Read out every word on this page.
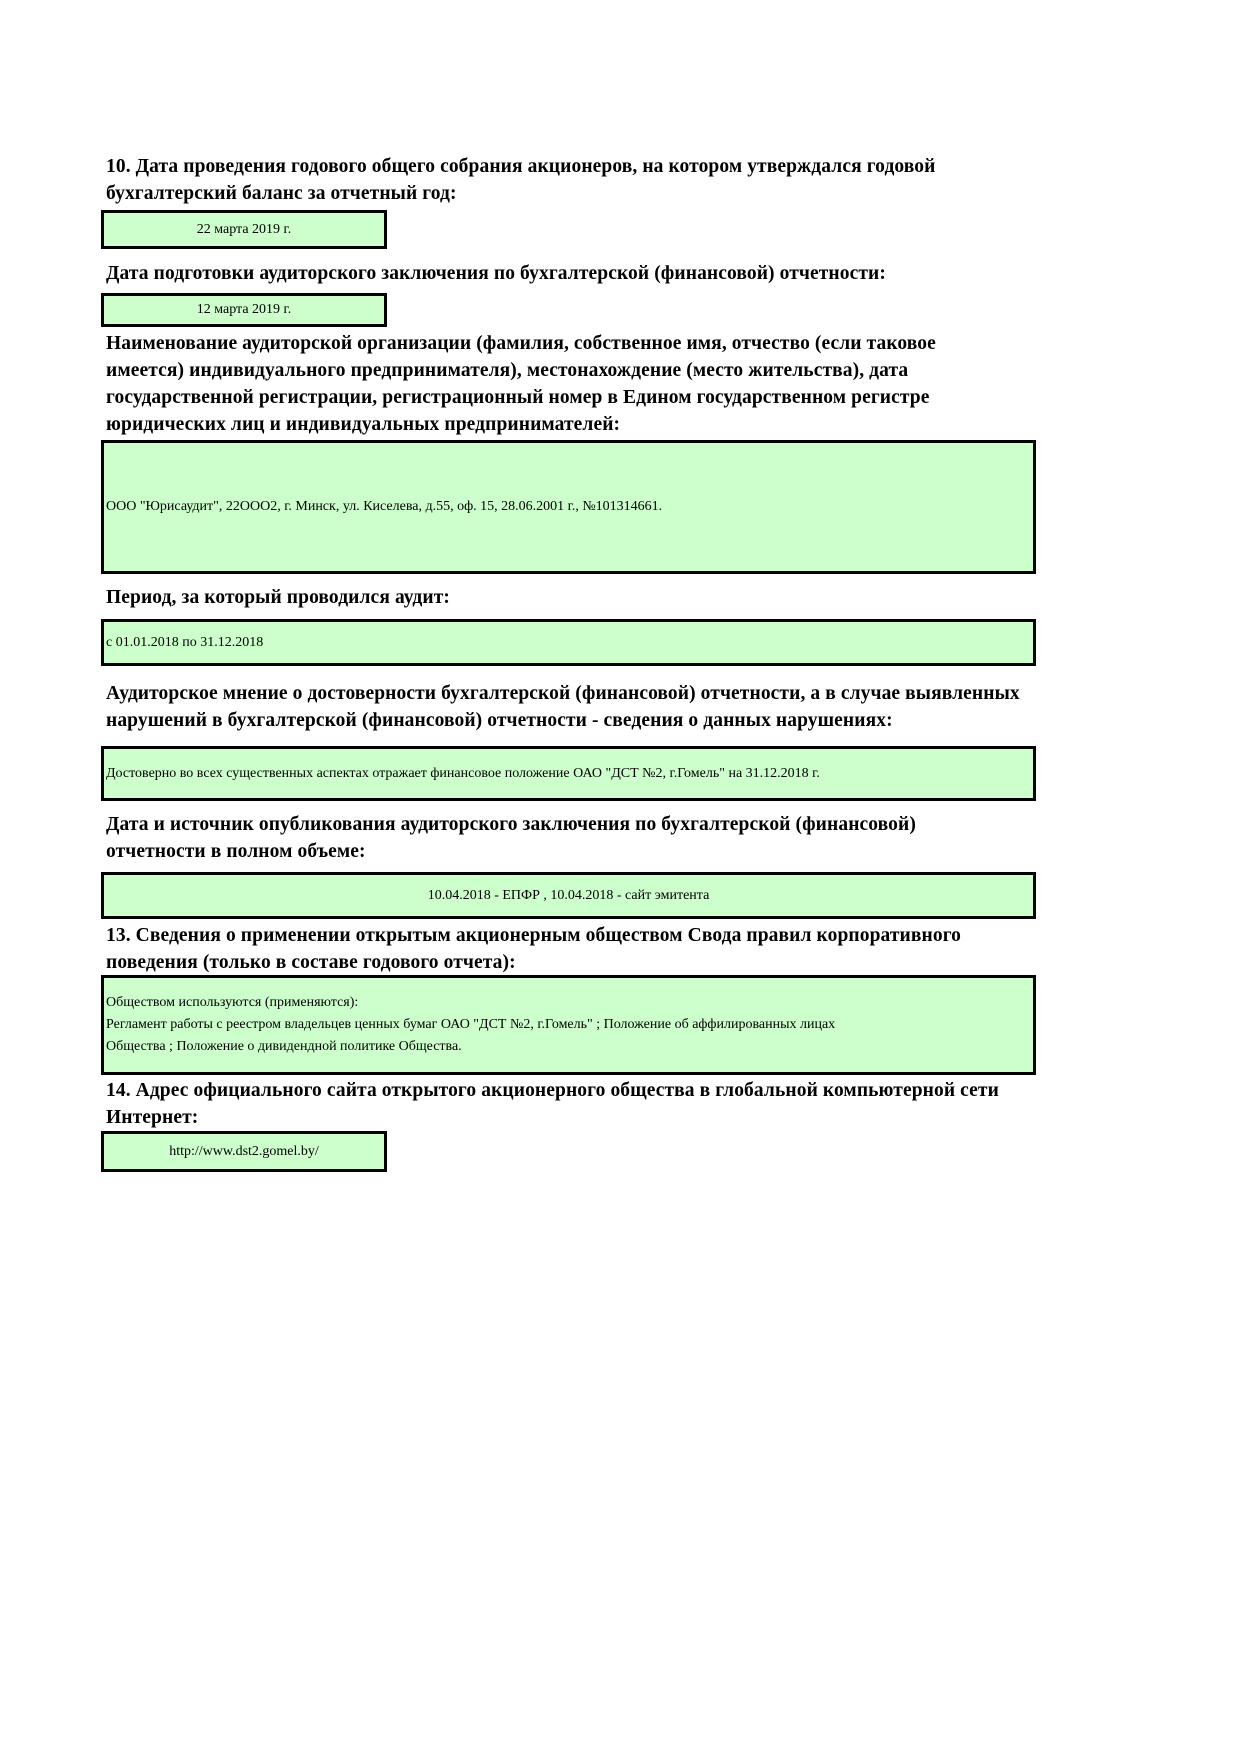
10. Дата проведения годового общего собрания акционеров, на котором утверждался годовой бухгалтерский баланс за отчетный год:
22 марта 2019 г.
Дата подготовки аудиторского заключения по бухгалтерской (финансовой) отчетности:
12 марта 2019 г.
Наименование аудиторской организации (фамилия, собственное имя, отчество (если таковое имеется) индивидуального предпринимателя), местонахождение (место жительства), дата государственной регистрации, регистрационный номер в Едином государственном регистре юридических лиц и индивидуальных предпринимателей:
ООО "Юрисаудит", 22ООО2, г. Минск, ул. Киселева, д.55, оф. 15, 28.06.2001 г., №101314661.
Период, за который проводился аудит:
с 01.01.2018 по 31.12.2018
Аудиторское мнение о достоверности бухгалтерской (финансовой) отчетности, а в случае выявленных нарушений в бухгалтерской (финансовой) отчетности - сведения о данных нарушениях:
Достоверно во всех существенных аспектах отражает финансовое положение ОАО "ДСТ №2, г.Гомель" на 31.12.2018 г.
Дата и источник опубликования аудиторского заключения по бухгалтерской (финансовой) отчетности в полном объеме:
10.04.2018 - ЕПФР , 10.04.2018 - сайт эмитента
13. Сведения о применении открытым акционерным обществом Свода правил корпоративного поведения (только в составе годового отчета):
Обществом используются (применяются):
Регламент работы с реестром владельцев ценных бумаг ОАО "ДСТ №2, г.Гомель" ; Положение об аффилированных лицах
Общества ; Положение о дивидендной политике Общества.
14. Адрес официального сайта открытого акционерного общества в глобальной компьютерной сети Интернет:
http://www.dst2.gomel.by/
